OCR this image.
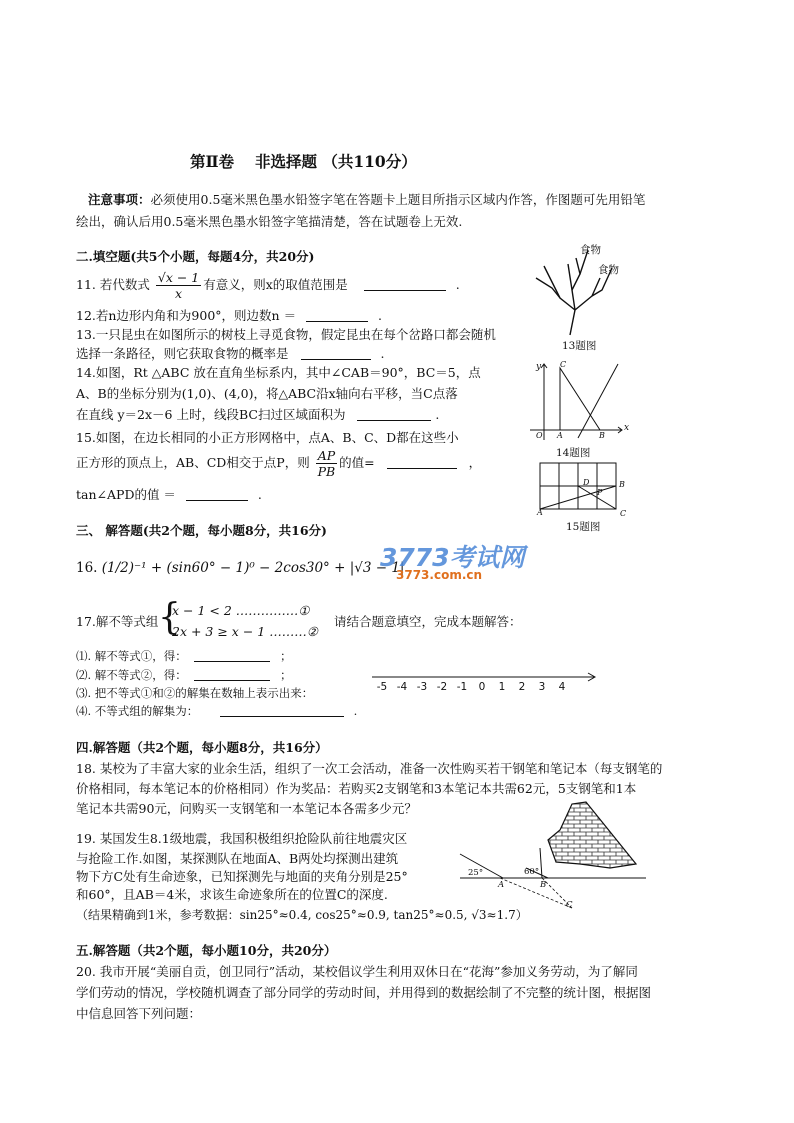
第Ⅱ卷　 非选择题 （共110分）
注意事项：必须使用0.5毫米黑色墨水铅签字笔在答题卡上题目所指示区域内作答，作图题可先用铅笔
绘出，确认后用0.5毫米黑色墨水铅签字笔描清楚，答在试题卷上无效.
二.填空题(共5个小题，每题4分，共20分)
11. 若代数式 $\frac{√x - 1}{x}$ 有意义，则x的取值范围是	.
12.若n边形内角和为900°，则边数n ＝	.
13.一只昆虫在如图所示的树枝上寻觅食物，假定昆虫在每个岔路口都会随机
选择一条路径，则它获取食物的概率是	.
14.如图，Rt △ABC 放在直角坐标系内，其中∠CAB＝90°，BC＝5，点
A、B的坐标分别为(1,0)、(4,0)，将△ABC沿x轴向右平移，当C点落
在直线 y＝2x－6 上时，线段BC扫过区域面积为	.
15.如图，在边长相同的小正方形网格中，点A、B、C、D都在这些小
正方形的顶点上，AB、CD相交于点P，则 $\frac{AP}{PB}$ 的值=	，
tan∠APD的值 ＝	.
食物
食物
13题图
y
x
O A	B
C
14题图
A
B
C
D
P
15题图
三、 解答题(共2个题，每小题8分，共16分)
16. (1/2)⁻¹ + (sin60° − 1)⁰ − 2cos30° + |√3 − 1|
3773考试网
3773.com.cn
17.解不等式组 {
x − 1 < 2 ……………①
2x + 3 ≥ x − 1 ………②
请结合题意填空，完成本题解答：
⑴. 解不等式①，得：	；
⑵. 解不等式②，得：	；
⑶. 把不等式①和②的解集在数轴上表示出来：
⑷. 不等式组的解集为：	.
-5 -4 -3 -2 -1	0	1	2	3	4
四.解答题（共2个题，每小题8分，共16分）
18. 某校为了丰富大家的业余生活，组织了一次工会活动，准备一次性购买若干钢笔和笔记本（每支钢笔的
价格相同，每本笔记本的价格相同）作为奖品：若购买2支钢笔和3本笔记本共需62元，5支钢笔和1本
笔记本共需90元，问购买一支钢笔和一本笔记本各需多少元？
19. 某国发生8.1级地震，我国积极组织抢险队前往地震灾区
与抢险工作.如图，某探测队在地面A、B两处均探测出建筑
物下方C处有生命迹象，已知探测先与地面的夹角分别是25°
和60°，且AB＝4米，求该生命迹象所在的位置C的深度.
（结果精确到1米，参考数据：sin25°≈0.4, cos25°≈0.9, tan25°≈0.5, √3≈1.7）
25°	60°
A	B
C
五.解答题（共2个题，每小题10分，共20分）
20. 我市开展“美丽自贡，创卫同行”活动，某校倡议学生利用双休日在“花海”参加义务劳动，为了解同
学们劳动的情况，学校随机调查了部分同学的劳动时间，并用得到的数据绘制了不完整的统计图，根据图
中信息回答下列问题：
